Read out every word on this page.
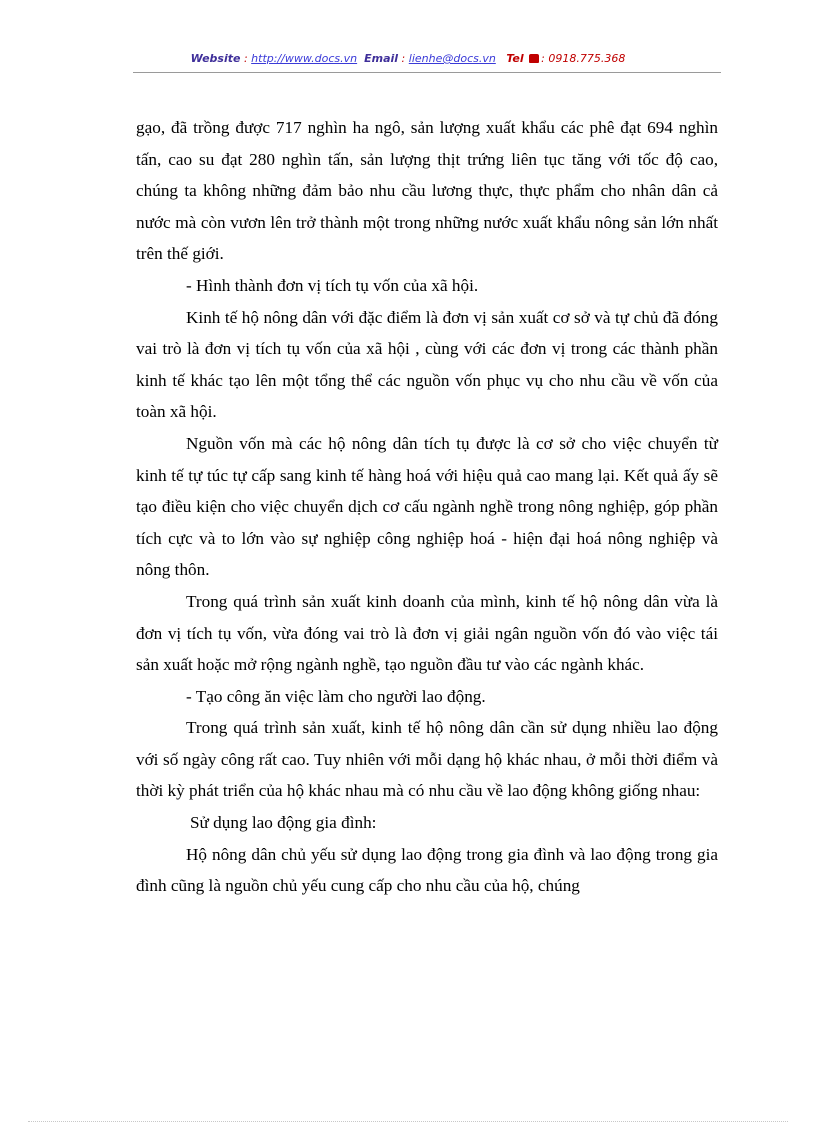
Website : http://www.docs.vn Email : lienhe@docs.vn Tel : 0918.775.368

gạo, đã trồng được 717 nghìn ha ngô, sản lượng xuất khẩu các phê đạt 694 nghìn tấn, cao su đạt 280 nghìn tấn, sản lượng thịt trứng liên tục tăng với tốc độ cao, chúng ta không những đảm bảo nhu cầu lương thực, thực phẩm cho nhân dân cả nước mà còn vươn lên trở thành một trong những nước xuất khẩu nông sản lớn nhất trên thế giới.

- Hình thành đơn vị tích tụ vốn của xã hội.

Kinh tế hộ nông dân với đặc điểm là đơn vị sản xuất cơ sở và tự chủ đã đóng vai trò là đơn vị tích tụ vốn của xã hội , cùng với các đơn vị trong các thành phần kinh tế khác tạo lên một tổng thể các nguồn vốn phục vụ cho nhu cầu về vốn của toàn xã hội.

Nguồn vốn mà các hộ nông dân tích tụ được là cơ sở cho việc chuyển từ kinh tế tự túc tự cấp sang kinh tế hàng hoá với hiệu quả cao mang lại. Kết quả ấy sẽ tạo điều kiện cho việc chuyển dịch cơ cấu ngành nghề trong nông nghiệp, góp phần tích cực và to lớn vào sự nghiệp công nghiệp hoá - hiện đại hoá nông nghiệp và nông thôn.

Trong quá trình sản xuất kinh doanh của mình, kinh tế hộ nông dân vừa là đơn vị tích tụ vốn, vừa đóng vai trò là đơn vị giải ngân nguồn vốn đó vào việc tái sản xuất hoặc mở rộng ngành nghề, tạo nguồn đầu tư vào các ngành khác.

- Tạo công ăn việc làm cho người lao động.

Trong quá trình sản xuất, kinh tế hộ nông dân cần sử dụng nhiều lao động với số ngày công rất cao. Tuy nhiên với mỗi dạng hộ khác nhau, ở mỗi thời điểm và thời kỳ phát triển của hộ khác nhau mà có nhu cầu về lao động không giống nhau:

Sử dụng lao động gia đình:

Hộ nông dân chủ yếu sử dụng lao động trong gia đình và lao động trong gia đình cũng là nguồn chủ yếu cung cấp cho nhu cầu của hộ, chúng
